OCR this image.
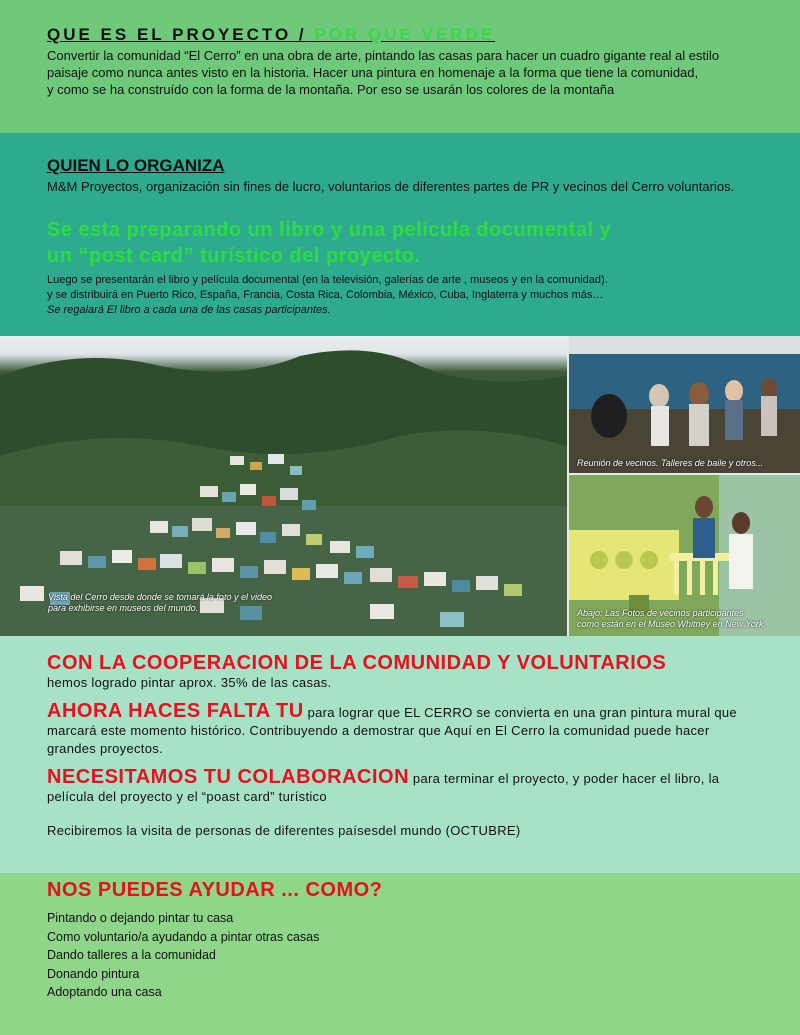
QUE ES EL PROYECTO / POR QUE VERDE

Convertir la comunidad “El Cerro” en una obra de arte, pintando las casas para hacer un cuadro gigante real al estilo
paisaje como nunca antes visto en la historia. Hacer una pintura en homenaje a la forma que tiene la comunidad,
y como se ha construído con la forma de la montaña. Por eso se usarán los colores de la montaña

QUIEN LO ORGANIZA

M&M Proyectos, organización sin fines de lucro, voluntarios de diferentes partes de PR y vecinos del Cerro voluntarios.

Se esta preparando un libro y una película documental y
un “post card” turístico del proyecto.

Luego se presentarán el libro y película documental (en la televisión, galerías de arte , museos y en la comunidad).

y se distribuirá en Puerto Rico, España, Francia, Costa Rica, Colombia, México, Cuba, Inglaterra y muchos más…

Se regalará El libro a cada una de las casas participantes.

Vista del Cerro desde donde se tomará la foto y el video
para exhibirse en museos del mundo.
Reunión de vecinos. Talleres de baile y otros...
Abajo: Las Fotos de vecinos participantes
como están en el Museo Whitney en New York.

CON LA COOPERACION DE LA COMUNIDAD Y VOLUNTARIOS
hemos logrado pintar aprox. 35% de las casas.

AHORA HACES FALTA TU para lograr que EL CERRO se convierta en una gran pintura mural que marcará este momento histórico. Contribuyendo a demostrar que Aquí en El Cerro la comunidad puede hacer grandes proyectos.

NECESITAMOS TU COLABORACION para terminar el proyecto, y poder hacer el libro, la película del proyecto y el “poast card” turístico

Recibiremos la visita de personas de diferentes paísesdel mundo (OCTUBRE)

NOS PUEDES AYUDAR ... COMO?

Pintando o dejando pintar tu casa
Como voluntario/a ayudando a pintar otras casas
Dando talleres a la comunidad
Donando pintura
Adoptando una casa
